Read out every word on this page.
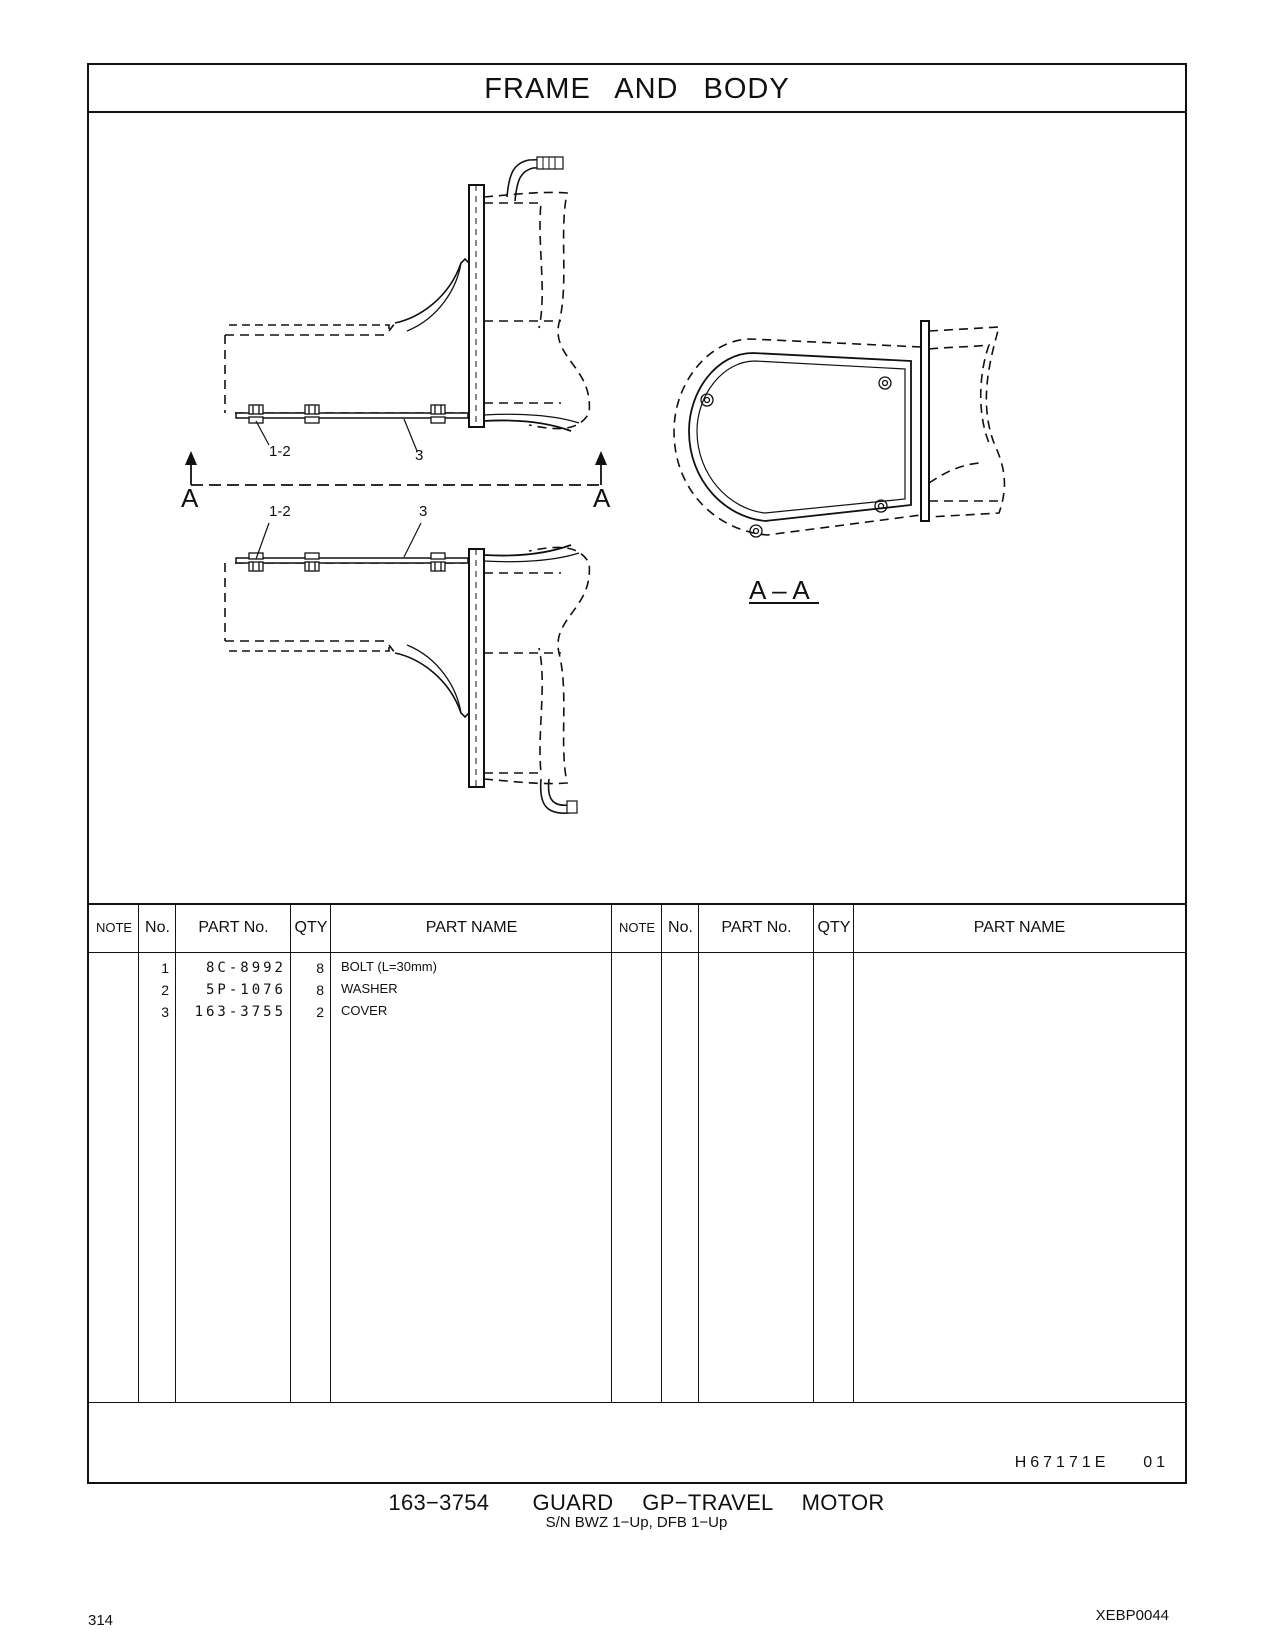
FRAME AND BODY
A	A
1-2	3
1-2	3
A – A
NOTE No.	PART No.	QTY	PART NAME	NOTE No.	PART No.	QTY	PART NAME
1	8C-8992	8 BOLT (L=30mm)
2	5P-1076	8 WASHER
3	163-3755	2 COVER
H67171E    01
163−3754   GUARD  GP−TRAVEL  MOTOR
S/N BWZ 1−Up, DFB 1−Up
314	XEBP0044
